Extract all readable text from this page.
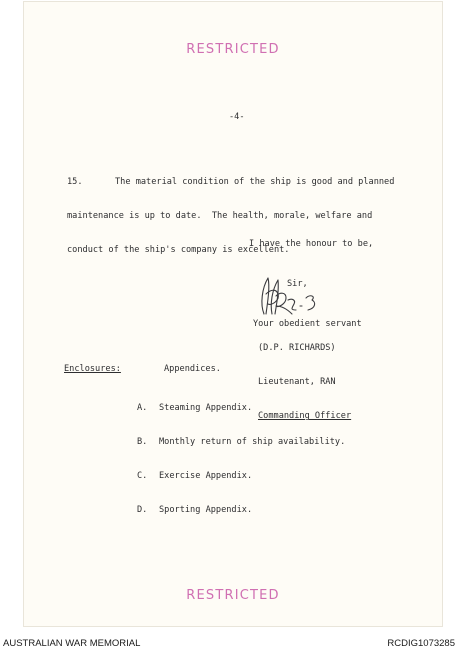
RESTRICTED
-4-

15.	The material condition of the ship is good and planned

maintenance is up to date.  The health, morale, welfare and

conduct of the ship's company is excellent.

I have the honour to be,

Sir,

Your obedient servant

(D.P. RICHARDS)

Lieutenant, RAN

Commanding Officer

Enclosures:	Appendices.

A. Steaming Appendix.

B. Monthly return of ship availability.

C. Exercise Appendix.

D. Sporting Appendix.

RESTRICTED
AUSTRALIAN WAR MEMORIAL	RCDIG1073285
